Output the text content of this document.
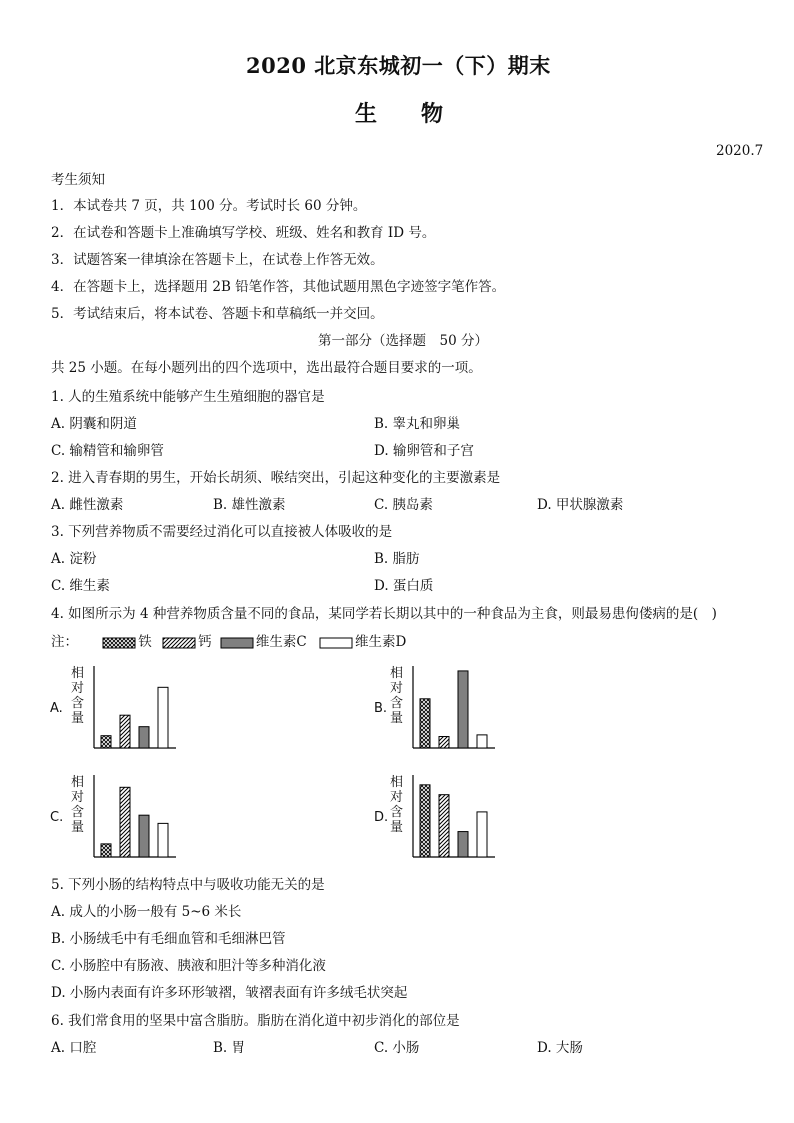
2020 北京东城初一（下）期末
生　　物
2020.7
考生须知
1．本试卷共 7 页，共 100 分。考试时长 60 分钟。
2．在试卷和答题卡上准确填写学校、班级、姓名和教育 ID 号。
3．试题答案一律填涂在答题卡上，在试卷上作答无效。
4．在答题卡上，选择题用 2B 铅笔作答，其他试题用黑色字迹签字笔作答。
5．考试结束后，将本试卷、答题卡和草稿纸一并交回。
第一部分（选择题　50 分）
共 25 小题。在每小题列出的四个选项中，选出最符合题目要求的一项。
1. 人的生殖系统中能够产生生殖细胞的器官是
A. 阴囊和阴道	B. 睾丸和卵巢
C. 输精管和输卵管	D. 输卵管和子宫
2. 进入青春期的男生，开始长胡须、喉结突出，引起这种变化的主要激素是
A. 雌性激素	B. 雄性激素	C. 胰岛素	D. 甲状腺激素
3. 下列营养物质不需要经过消化可以直接被人体吸收的是
A. 淀粉	B. 脂肪
C. 维生素	D. 蛋白质
4. 如图所示为 4 种营养物质含量不同的食品，某同学若长期以其中的一种食品为主食，则最易患佝偻病的是(　)
注：	铁	钙	维生素C	维生素D
A.
相
对
含
量
B.
相
对
含
量
C.
相
对
含
量
D.
相
对
含
量
5. 下列小肠的结构特点中与吸收功能无关的是
A. 成人的小肠一般有 5~6 米长
B. 小肠绒毛中有毛细血管和毛细淋巴管
C. 小肠腔中有肠液、胰液和胆汁等多种消化液
D. 小肠内表面有许多环形皱褶，皱褶表面有许多绒毛状突起
6. 我们常食用的坚果中富含脂肪。脂肪在消化道中初步消化的部位是
A. 口腔	B. 胃	C. 小肠	D. 大肠
